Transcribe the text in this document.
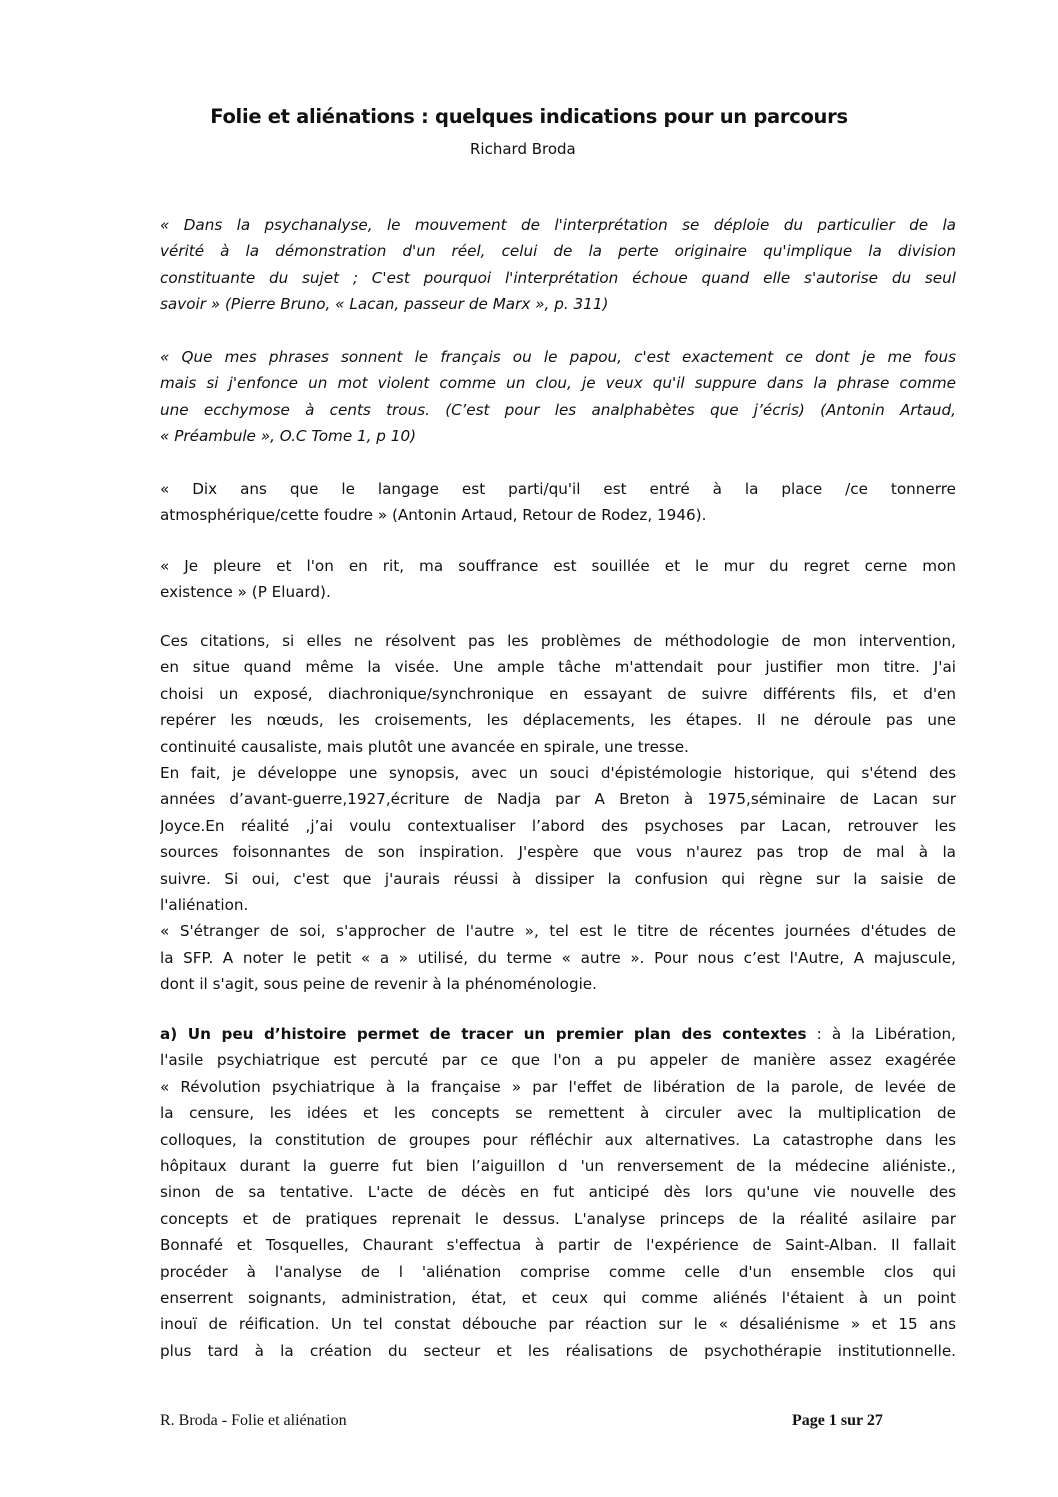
Folie et aliénations : quelques indications pour un parcours
Richard Broda
« Dans la psychanalyse, le mouvement de l'interprétation se déploie du particulier de la
vérité à la démonstration d'un réel, celui de la perte originaire qu'implique la division
constituante du sujet ; C'est pourquoi l'interprétation échoue quand elle s'autorise du seul
savoir » (Pierre Bruno, « Lacan, passeur de Marx », p. 311)
« Que mes phrases sonnent le français ou le papou, c'est exactement ce dont je me fous
mais si j'enfonce un mot violent comme un clou, je veux qu'il suppure dans la phrase comme
une ecchymose à cents trous. (C’est pour les analphabètes que j’écris) (Antonin Artaud,
« Préambule », O.C Tome 1, p 10)
« Dix ans que le langage est parti/qu'il est entré à la place /ce tonnerre
atmosphérique/cette foudre » (Antonin Artaud, Retour de Rodez, 1946).
« Je pleure et l'on en rit, ma souffrance est souillée et le mur du regret cerne mon
existence » (P Eluard).
Ces citations, si elles ne résolvent pas les problèmes de méthodologie de mon intervention,
en situe quand même la visée. Une ample tâche m'attendait pour justifier mon titre. J'ai
choisi un exposé, diachronique/synchronique en essayant de suivre différents fils, et d'en
repérer les nœuds, les croisements, les déplacements, les étapes. Il ne déroule pas une
continuité causaliste, mais plutôt une avancée en spirale, une tresse.
En fait, je développe une synopsis, avec un souci d'épistémologie historique, qui s'étend des
années d’avant-guerre,1927,écriture de Nadja par A Breton à 1975,séminaire de Lacan sur
Joyce.En réalité ,j’ai voulu contextualiser l’abord des psychoses par Lacan, retrouver les
sources foisonnantes de son inspiration. J'espère que vous n'aurez pas trop de mal à la
suivre. Si oui, c'est que j'aurais réussi à dissiper la confusion qui règne sur la saisie de
l'aliénation.
« S'étranger de soi, s'approcher de l'autre », tel est le titre de récentes journées d'études de
la SFP. A noter le petit « a » utilisé, du terme « autre ». Pour nous c’est l'Autre, A majuscule,
dont il s'agit, sous peine de revenir à la phénoménologie.
a) Un peu d’histoire permet de tracer un premier plan des contextes : à la Libération,
l'asile psychiatrique est percuté par ce que l'on a pu appeler de manière assez exagérée
« Révolution psychiatrique à la française » par l'effet de libération de la parole, de levée de
la censure, les idées et les concepts se remettent à circuler avec la multiplication de
colloques, la constitution de groupes pour réfléchir aux alternatives. La catastrophe dans les
hôpitaux durant la guerre fut bien l’aiguillon d 'un renversement de la médecine aliéniste.,
sinon de sa tentative. L'acte de décès en fut anticipé dès lors qu'une vie nouvelle des
concepts et de pratiques reprenait le dessus. L'analyse princeps de la réalité asilaire par
Bonnafé et Tosquelles, Chaurant s'effectua à partir de l'expérience de Saint-Alban. Il fallait
procéder à l'analyse de l 'aliénation comprise comme celle d'un ensemble clos qui
enserrent soignants, administration, état, et ceux qui comme aliénés l'étaient à un point
inouï de réification. Un tel constat débouche par réaction sur le « désaliénisme » et 15 ans
plus tard à la création du secteur et les réalisations de psychothérapie institutionnelle.
R. Broda - Folie et aliénation	Page 1 sur 27
